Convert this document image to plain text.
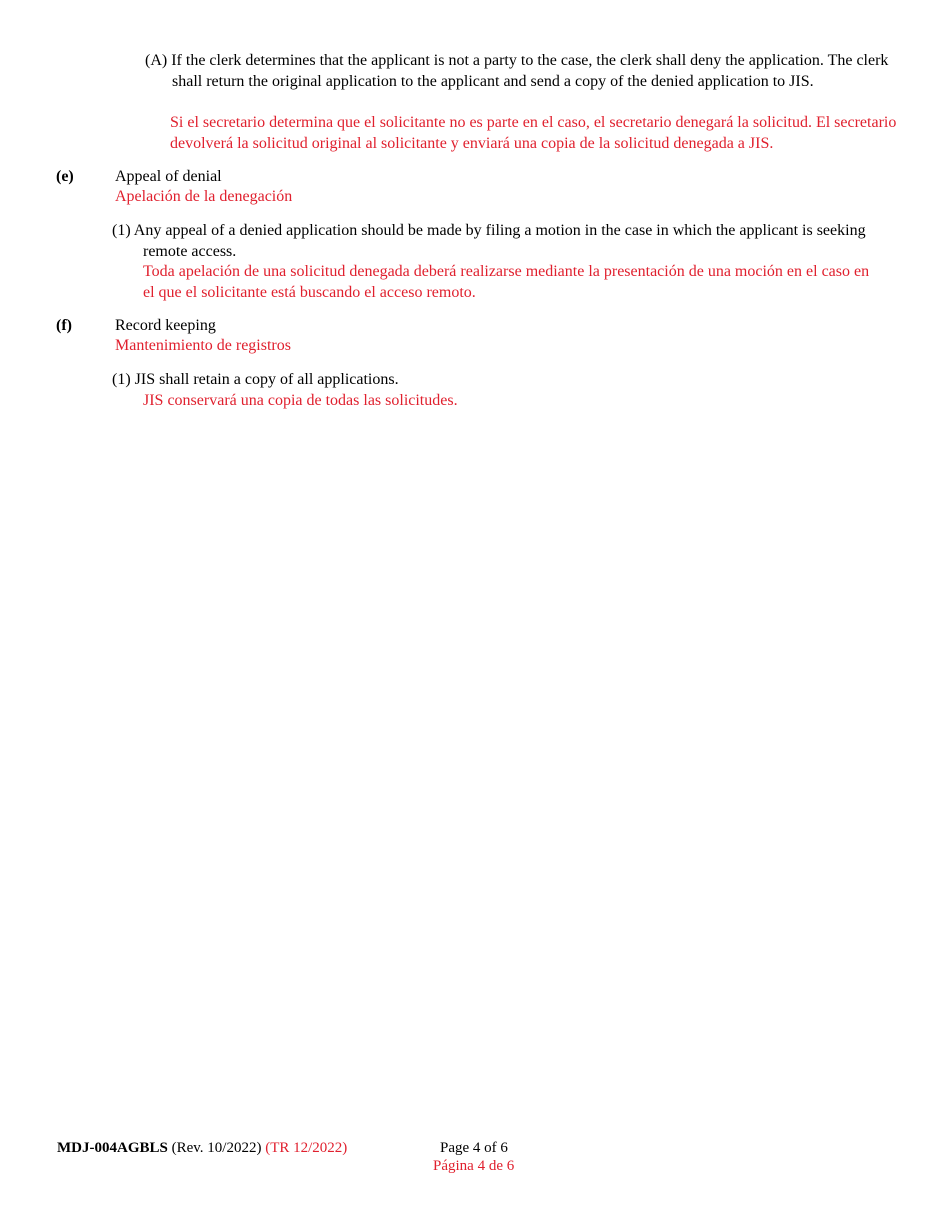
(A) If the clerk determines that the applicant is not a party to the case, the clerk shall deny the application. The clerk shall return the original application to the applicant and send a copy of the denied application to JIS.
Si el secretario determina que el solicitante no es parte en el caso, el secretario denegará la solicitud. El secretario devolverá la solicitud original al solicitante y enviará una copia de la solicitud denegada a JIS.
(e)	Appeal of denial
Apelación de la denegación
(1) Any appeal of a denied application should be made by filing a motion in the case in which the applicant is seeking remote access.
Toda apelación de una solicitud denegada deberá realizarse mediante la presentación de una moción en el caso en el que el solicitante está buscando el acceso remoto.
(f)	Record keeping
Mantenimiento de registros
(1) JIS shall retain a copy of all applications.
JIS conservará una copia de todas las solicitudes.
MDJ-004AGBLS (Rev. 10/2022) (TR 12/2022)	Page 4 of 6
Página 4 de 6
